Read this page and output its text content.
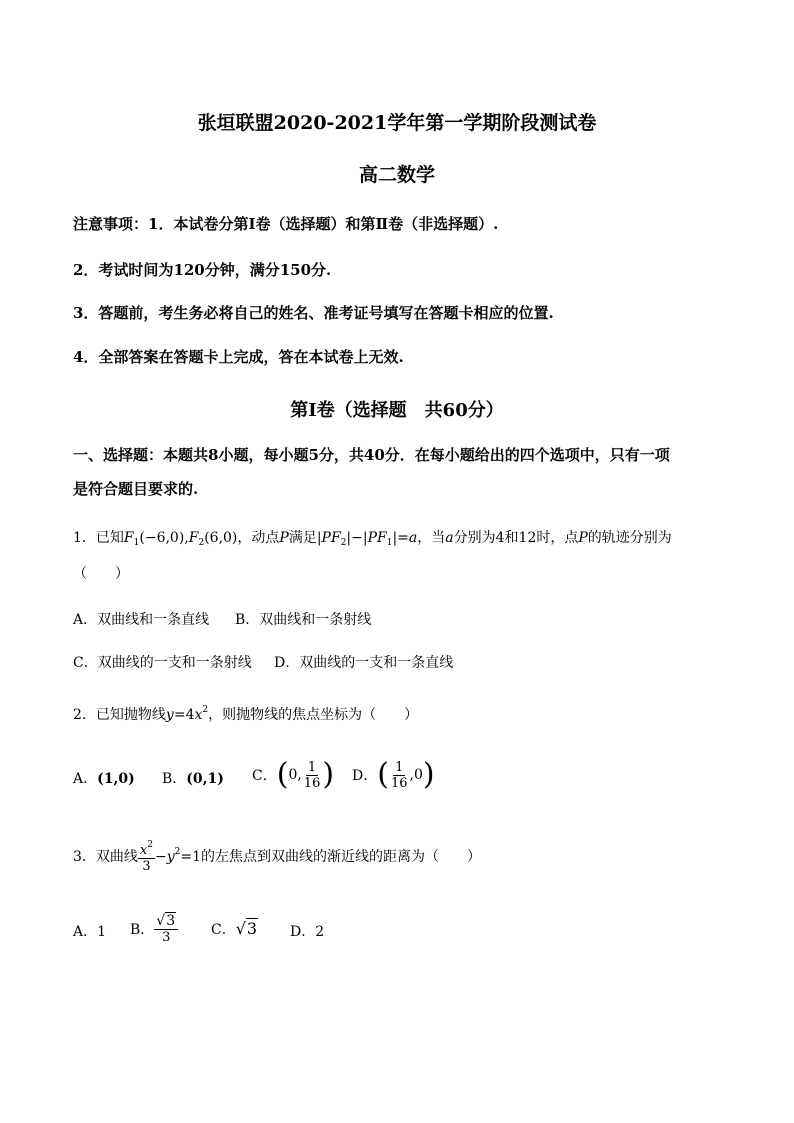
张垣联盟2020-2021学年第一学期阶段测试卷
高二数学
注意事项：1．本试卷分第Ⅰ卷（选择题）和第Ⅱ卷（非选择题）.
2．考试时间为120分钟，满分150分.
3．答题前，考生务必将自己的姓名、准考证号填写在答题卡相应的位置.
4．全部答案在答题卡上完成，答在本试卷上无效.
第Ⅰ卷（选择题　共60分）
一、选择题：本题共8小题，每小题5分，共40分．在每小题给出的四个选项中，只有一项
是符合题目要求的.
1．已知$F_1(-6,0),F_2(6,0)$，动点P满足$|PF_2|-|PF_1|=a$，当a分别为4和12时，点P的轨迹分别为
（　　）
A．双曲线和一条直线 B．双曲线和一条射线
C．双曲线的一支和一条射线 D．双曲线的一支和一条直线
2．已知抛物线$y=4x^2$，则抛物线的焦点坐标为（　　）
A．(1,0) B．(0,1) C． ( 0, $\frac{1}{16}$ ) D． ( $\frac{1}{16} ,0$ )
3．双曲线 $\frac{x^2}{3} -y^2=1$ 的左焦点到双曲线的渐近线的距离为（　　）
A．1 B． $\frac{√3}{3}$ C．√3 D．2
